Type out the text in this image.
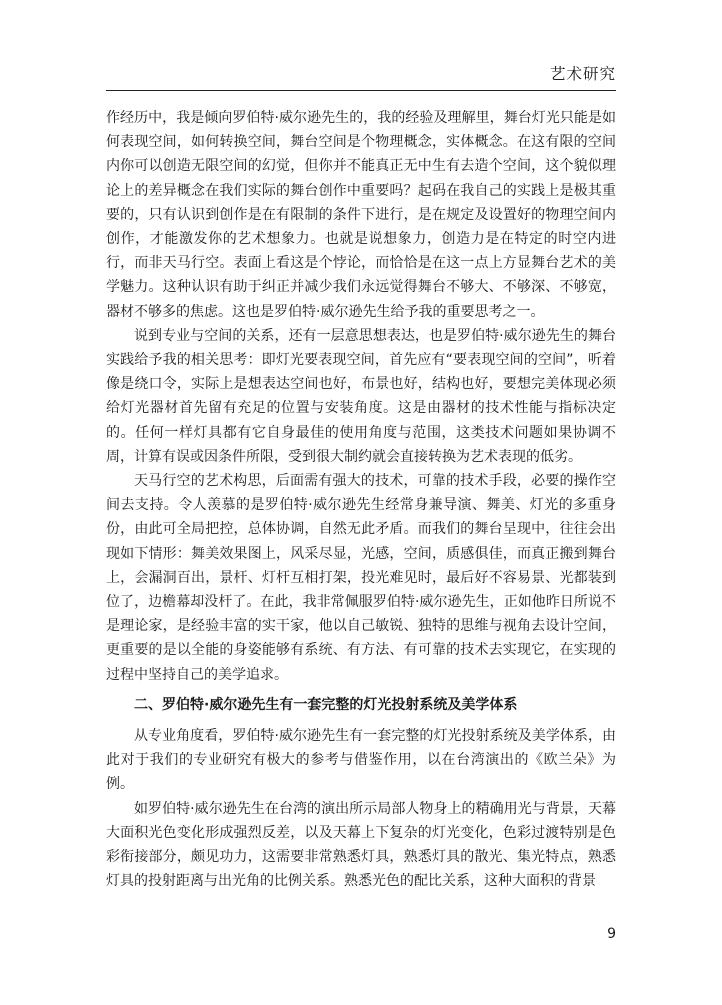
艺术研究

作经历中，我是倾向罗伯特·威尔逊先生的，我的经验及理解里，舞台灯光只能是如何表现空间，如何转换空间，舞台空间是个物理概念，实体概念。在这有限的空间内你可以创造无限空间的幻觉，但你并不能真正无中生有去造个空间，这个貌似理论上的差异概念在我们实际的舞台创作中重要吗？起码在我自己的实践上是极其重要的，只有认识到创作是在有限制的条件下进行，是在规定及设置好的物理空间内创作，才能激发你的艺术想象力。也就是说想象力，创造力是在特定的时空内进行，而非天马行空。表面上看这是个悖论，而恰恰是在这一点上方显舞台艺术的美学魅力。这种认识有助于纠正并减少我们永远觉得舞台不够大、不够深、不够宽，器材不够多的焦虑。这也是罗伯特·威尔逊先生给予我的重要思考之一。

说到专业与空间的关系，还有一层意思想表达，也是罗伯特·威尔逊先生的舞台实践给予我的相关思考：即灯光要表现空间，首先应有“要表现空间的空间”，听着像是绕口令，实际上是想表达空间也好，布景也好，结构也好，要想完美体现必须给灯光器材首先留有充足的位置与安装角度。这是由器材的技术性能与指标决定的。任何一样灯具都有它自身最佳的使用角度与范围，这类技术问题如果协调不周，计算有误或因条件所限，受到很大制约就会直接转换为艺术表现的低劣。

天马行空的艺术构思，后面需有强大的技术，可靠的技术手段，必要的操作空间去支持。令人羡慕的是罗伯特·威尔逊先生经常身兼导演、舞美、灯光的多重身份，由此可全局把控，总体协调，自然无此矛盾。而我们的舞台呈现中，往往会出现如下情形：舞美效果图上，风采尽显，光感，空间，质感俱佳，而真正搬到舞台上，会漏洞百出，景杆、灯杆互相打架，投光难见时，最后好不容易景、光都装到位了，边檐幕却没杆了。在此，我非常佩服罗伯特·威尔逊先生，正如他昨日所说不是理论家，是经验丰富的实干家，他以自己敏锐、独特的思维与视角去设计空间，更重要的是以全能的身姿能够有系统、有方法、有可靠的技术去实现它，在实现的过程中坚持自己的美学追求。

二、罗伯特·威尔逊先生有一套完整的灯光投射系统及美学体系

从专业角度看，罗伯特·威尔逊先生有一套完整的灯光投射系统及美学体系，由此对于我们的专业研究有极大的参考与借鉴作用，以在台湾演出的《欧兰朵》为例。

如罗伯特·威尔逊先生在台湾的演出所示局部人物身上的精确用光与背景，天幕大面积光色变化形成强烈反差，以及天幕上下复杂的灯光变化，色彩过渡特别是色彩衔接部分，颇见功力，这需要非常熟悉灯具，熟悉灯具的散光、集光特点，熟悉灯具的投射距离与出光角的比例关系。熟悉光色的配比关系，这种大面积的背景

9
